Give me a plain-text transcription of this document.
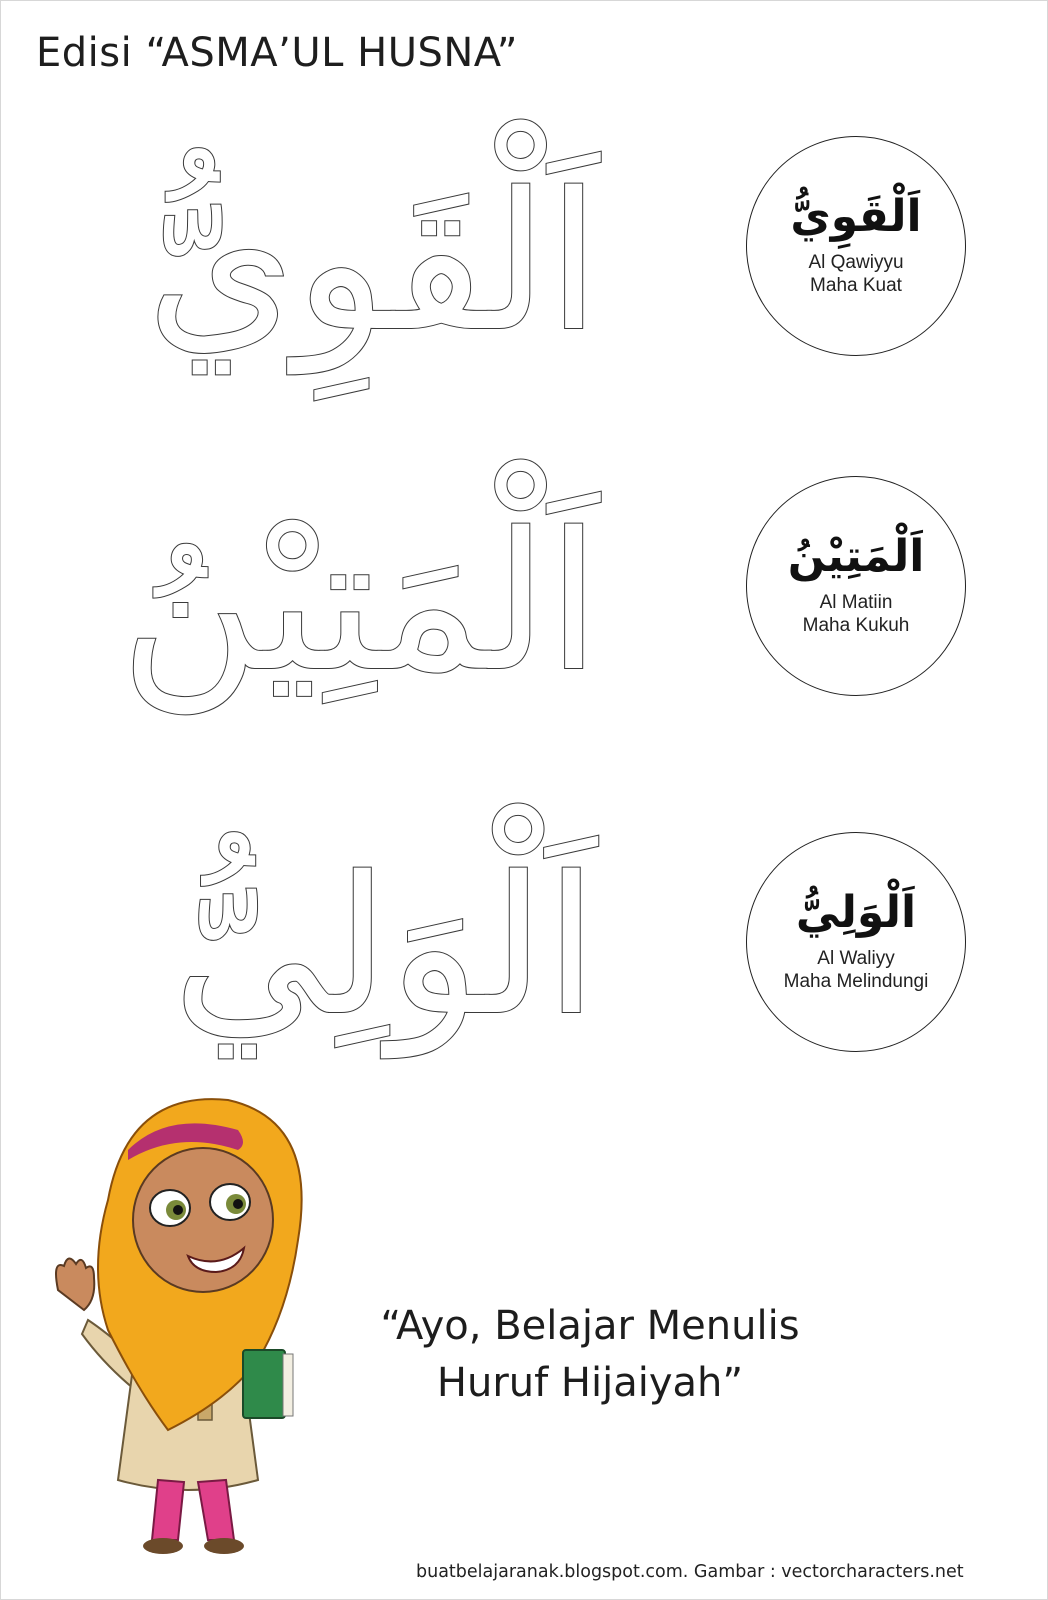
Edisi “ASMA’UL HUSNA”
اَلْقَوِيُّ	اَلْقَوِيُّ
Al Qawiyyu
Maha Kuat
اَلْمَتِيْنُ	اَلْمَتِيْنُ
Al Matiin
Maha Kukuh
اَلْوَلِيُّ	اَلْوَلِيُّ
Al Waliyy
Maha Melindungi
“Ayo, Belajar Menulis
Huruf Hijaiyah”
buatbelajaranak.blogspot.com. Gambar : vectorcharacters.net
